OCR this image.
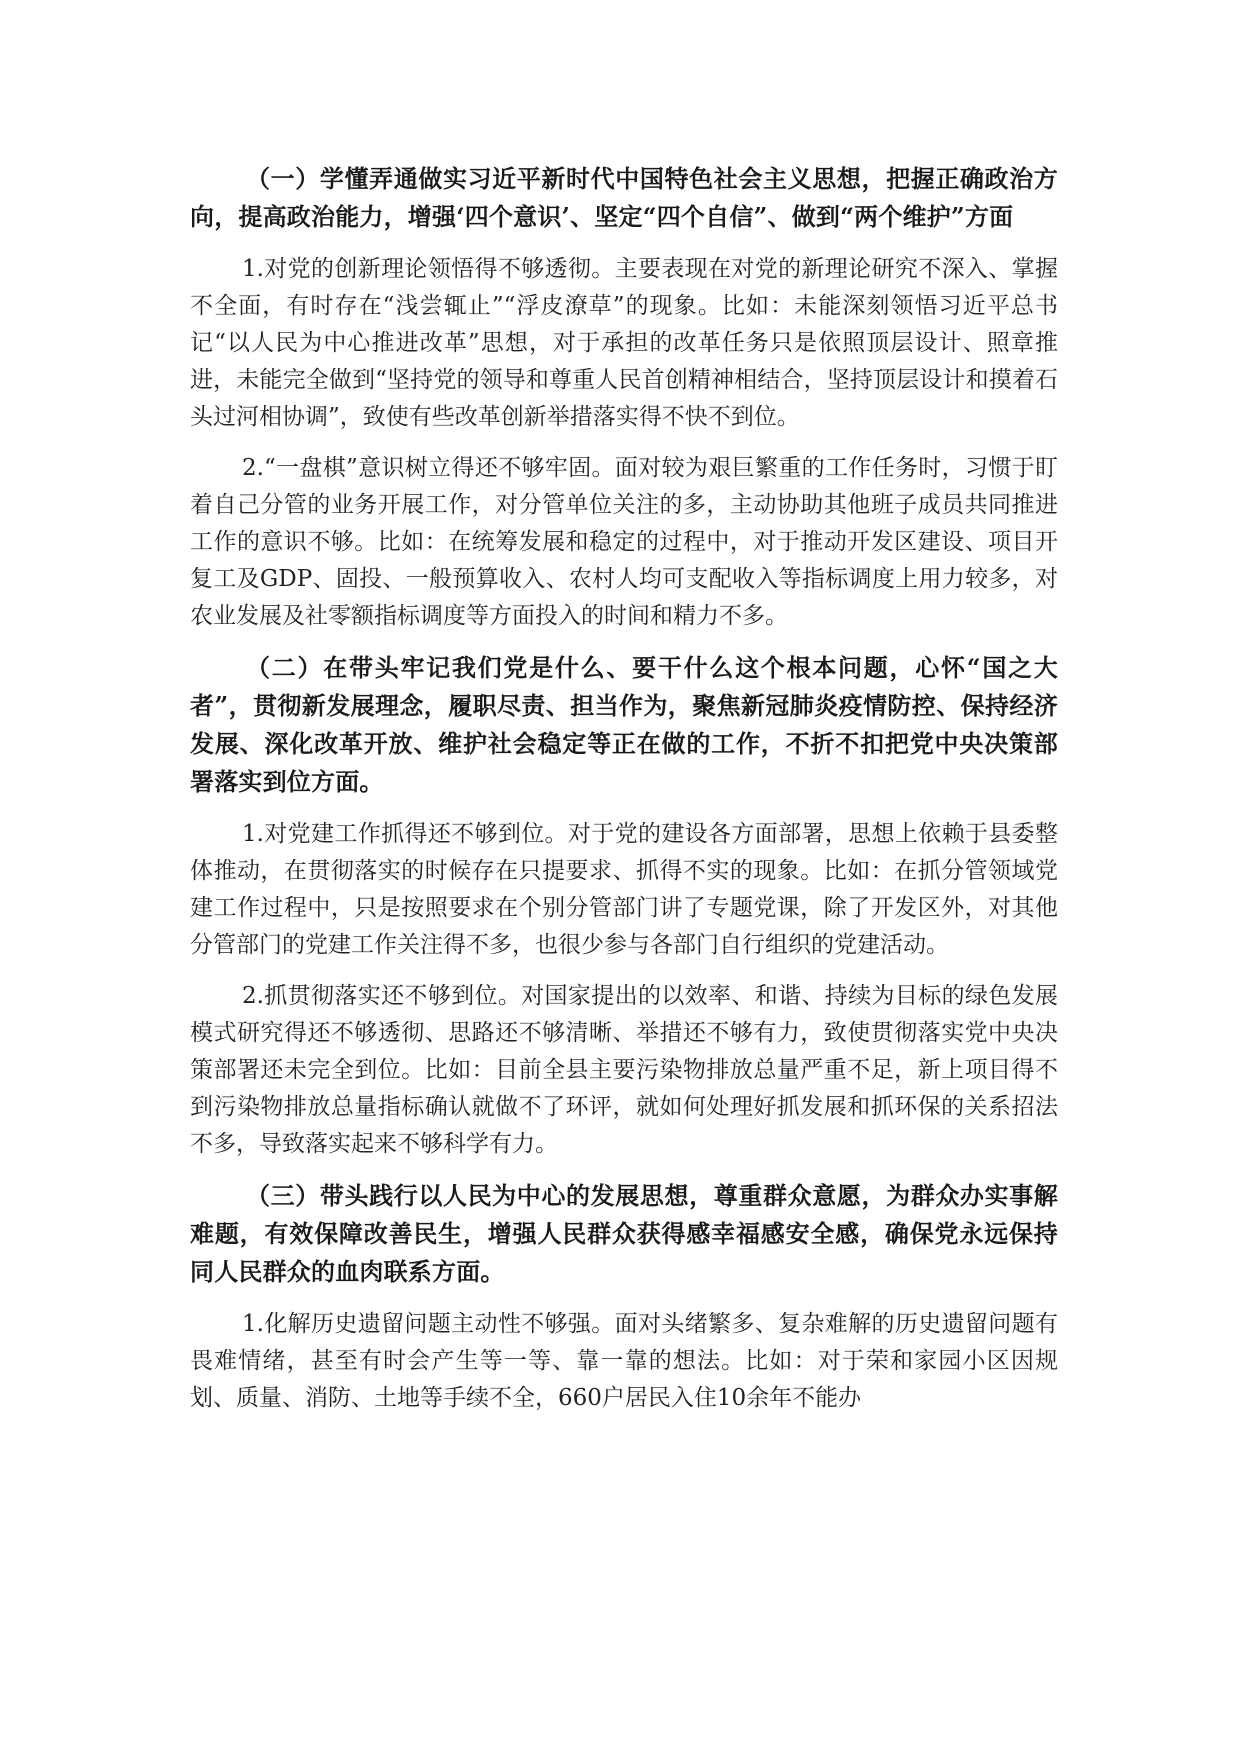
（一）学懂弄通做实习近平新时代中国特色社会主义思想，把握正确政治方向，提高政治能力，增强‘四个意识’、坚定“四个自信”、做到“两个维护”方面

1.对党的创新理论领悟得不够透彻。主要表现在对党的新理论研究不深入、掌握不全面，有时存在“浅尝辄止”“浮皮潦草”的现象。比如：未能深刻领悟习近平总书记“以人民为中心推进改革”思想，对于承担的改革任务只是依照顶层设计、照章推进，未能完全做到“坚持党的领导和尊重人民首创精神相结合，坚持顶层设计和摸着石头过河相协调”，致使有些改革创新举措落实得不快不到位。

2.“一盘棋”意识树立得还不够牢固。面对较为艰巨繁重的工作任务时，习惯于盯着自己分管的业务开展工作，对分管单位关注的多，主动协助其他班子成员共同推进工作的意识不够。比如：在统筹发展和稳定的过程中，对于推动开发区建设、项目开复工及GDP、固投、一般预算收入、农村人均可支配收入等指标调度上用力较多，对农业发展及社零额指标调度等方面投入的时间和精力不多。

（二）在带头牢记我们党是什么、要干什么这个根本问题，心怀“国之大者”，贯彻新发展理念，履职尽责、担当作为，聚焦新冠肺炎疫情防控、保持经济发展、深化改革开放、维护社会稳定等正在做的工作，不折不扣把党中央决策部署落实到位方面。

1.对党建工作抓得还不够到位。对于党的建设各方面部署，思想上依赖于县委整体推动，在贯彻落实的时候存在只提要求、抓得不实的现象。比如：在抓分管领域党建工作过程中，只是按照要求在个别分管部门讲了专题党课，除了开发区外，对其他分管部门的党建工作关注得不多，也很少参与各部门自行组织的党建活动。

2.抓贯彻落实还不够到位。对国家提出的以效率、和谐、持续为目标的绿色发展模式研究得还不够透彻、思路还不够清晰、举措还不够有力，致使贯彻落实党中央决策部署还未完全到位。比如：目前全县主要污染物排放总量严重不足，新上项目得不到污染物排放总量指标确认就做不了环评，就如何处理好抓发展和抓环保的关系招法不多，导致落实起来不够科学有力。

（三）带头践行以人民为中心的发展思想，尊重群众意愿，为群众办实事解难题，有效保障改善民生，增强人民群众获得感幸福感安全感，确保党永远保持同人民群众的血肉联系方面。

1.化解历史遗留问题主动性不够强。面对头绪繁多、复杂难解的历史遗留问题有畏难情绪，甚至有时会产生等一等、靠一靠的想法。比如：对于荣和家园小区因规划、质量、消防、土地等手续不全，660户居民入住10余年不能办
